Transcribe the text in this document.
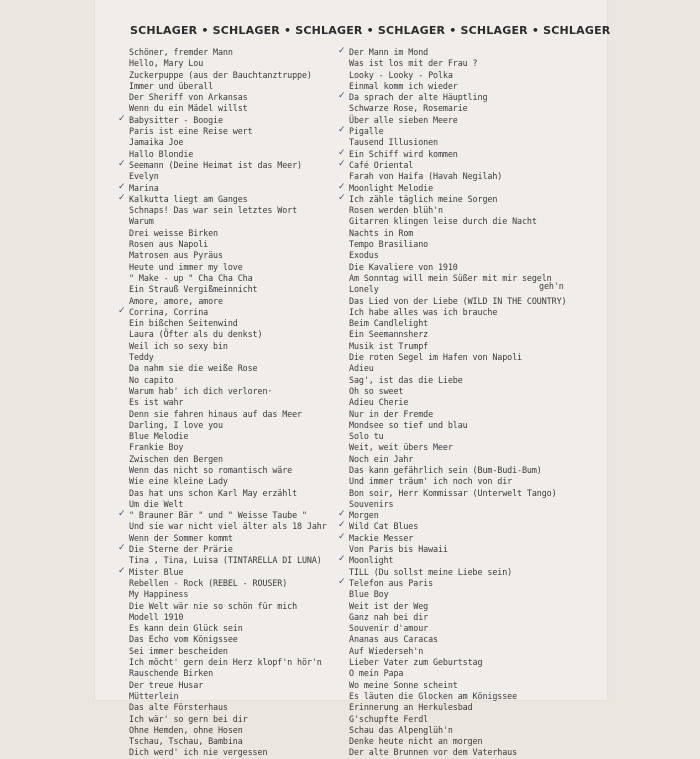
SCHLAGER • SCHLAGER • SCHLAGER • SCHLAGER • SCHLAGER • SCHLAGER
Schöner, fremder Mann
Hello, Mary Lou
Zuckerpuppe (aus der Bauchtanztruppe)
Immer und überall
Der Sheriff von Arkansas
Wenn du ein Mädel willst
✓ Babysitter - Boogie
Paris ist eine Reise wert
Jamaika Joe
Hallo Blondie
✓ Seemann (Deine Heimat ist das Meer)
Evelyn
✓ Marina
✓ Kalkutta liegt am Ganges
Schnaps! Das war sein letztes Wort
Warum
Drei weisse Birken
Rosen aus Napoli
Matrosen aus Pyräus
Heute und immer my love
" Make - up " Cha Cha Cha
Ein Strauß Vergißmeinnicht
Amore, amore, amore
✓ Corrina, Corrina
Ein bißchen Seitenwind
Laura (Öfter als du denkst)
Weil ich so sexy bin
Teddy
Da nahm sie die weiße Rose
No capito
Warum hab' ich dich verloren·
Es ist wahr
Denn sie fahren hinaus auf das Meer
Darling, I love you
Blue Melodie
Frankie Boy
Zwischen den Bergen
Wenn das nicht so romantisch wäre
Wie eine kleine Lady
Das hat uns schon Karl May erzählt
Um die Welt
✓ " Brauner Bär " und " Weisse Taube "
Und sie war nicht viel älter als 18 Jahr
Wenn der Sommer kommt
✓ Die Sterne der Prärie
Tina , Tina, Luisa (TINTARELLA DI LUNA)
✓ Mister Blue
Rebellen - Rock (REBEL - ROUSER)
My Happiness
Die Welt wär nie so schön für mich
Modell 1910
Es kann dein Glück sein
Das Echo vom Königssee
Sei immer bescheiden
Ich möcht' gern dein Herz klopf'n hör'n
Rauschende Birken
Der treue Husar
Mütterlein
Das alte Försterhaus
Ich wär' so gern bei dir
Ohne Hemden, ohne Hosen
Tschau, Tschau, Bambina
Dich werd' ich nie vergessen
✓ Der Mann im Mond
Was ist los mit der Frau ?
Looky - Looky - Polka
Einmal komm ich wieder
✓ Da sprach der alte Häuptling
Schwarze Rose, Rosemarie
Über alle sieben Meere
✓ Pigalle
Tausend Illusionen
✓ Ein Schiff wird kommen
✓ Café Oriental
Farah von Haifa (Havah Negilah)
✓ Moonlight Melodie
✓ Ich zähle täglich meine Sorgen
Rosen werden blüh'n
Gitarren klingen leise durch die Nacht
Nachts in Rom
Tempo Brasiliano
Exodus
Die Kavaliere von 1910
Am Sonntag will mein Süßer mit mir segeln
geh'n
Lonely
Das Lied von der Liebe (WILD IN THE COUNTRY)
Ich habe alles was ich brauche
Beim Candlelight
Ein Seemannsherz
Musik ist Trumpf
Die roten Segel im Hafen von Napoli
Adieu
Sag', ist das die Liebe
Oh so sweet
Adieu Cherie
Nur in der Fremde
Mondsee so tief und blau
Solo tu
Weit, weit übers Meer
Noch ein Jahr
Das kann gefährlich sein (Bum-Budi-Bum)
Und immer träum' ich noch von dir
Bon soir, Herr Kommissar (Unterwelt Tango)
Souvenirs
✓ Morgen
✓ Wild Cat Blues
✓ Mackie Messer
Von Paris bis Hawaii
✓ Moonlight
TILL (Du sollst meine Liebe sein)
✓ Telefon aus Paris
Blue Boy
Weit ist der Weg
Ganz nah bei dir
Souvenir d'amour
Ananas aus Caracas
Auf Wiederseh'n
Lieber Vater zum Geburtstag
O mein Papa
Wo meine Sonne scheint
Es läuten die Glocken am Königssee
Erinnerung an Herkulesbad
G'schupfte Ferdl
Schau das Alpenglüh'n
Denke heute nicht an morgen
Der alte Brunnen vor dem Vaterhaus
